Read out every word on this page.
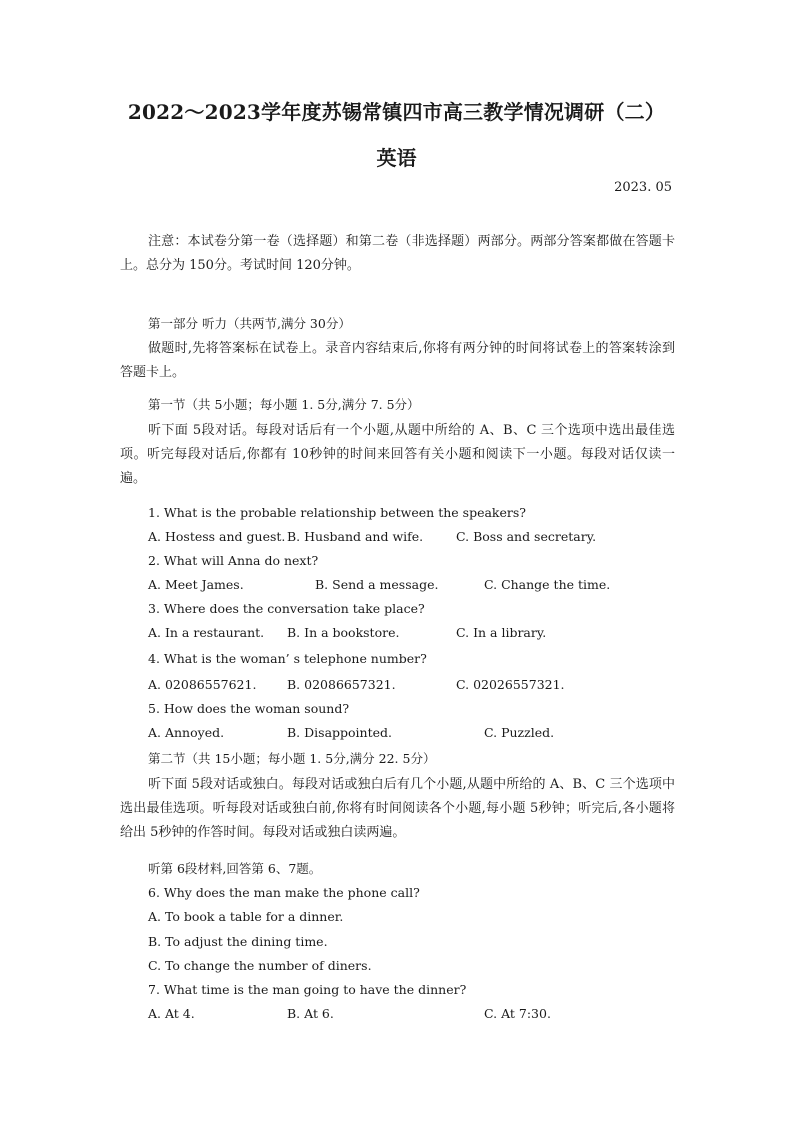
2022～2023学年度苏锡常镇四市高三教学情况调研（二）
英语
2023. 05
注意：本试卷分第一卷（选择题）和第二卷（非选择题）两部分。两部分答案都做在答题卡上。总分为 150分。考试时间 120分钟。
第一部分 听力（共两节,满分 30分）
做题时,先将答案标在试卷上。录音内容结束后,你将有两分钟的时间将试卷上的答案转涂到答题卡上。
第一节（共 5小题；每小题 1. 5分,满分 7. 5分）
听下面 5段对话。每段对话后有一个小题,从题中所给的 A、B、C 三个选项中选出最佳选项。听完每段对话后,你都有 10秒钟的时间来回答有关小题和阅读下一小题。每段对话仅读一遍。
1. What is the probable relationship between the speakers?
A. Hostess and guest. B. Husband and wife.	C. Boss and secretary.
2. What will Anna do next?
A. Meet James.	B. Send a message.	C. Change the time.
3. Where does the conversation take place?
A. In a restaurant. B. In a bookstore.	C. In a library.
4. What is the woman’ s telephone number?
A. 02086557621. B. 02086657321.	C. 02026557321.
5. How does the woman sound?
A. Annoyed.	B. Disappointed.	C. Puzzled.
第二节（共 15小题；每小题 1. 5分,满分 22. 5分）
听下面 5段对话或独白。每段对话或独白后有几个小题,从题中所给的 A、B、C 三个选项中选出最佳选项。听每段对话或独白前,你将有时间阅读各个小题,每小题 5秒钟；听完后,各小题将给出 5秒钟的作答时间。每段对话或独白读两遍。
听第 6段材料,回答第 6、7题。
6. Why does the man make the phone call?
A. To book a table for a dinner.
B. To adjust the dining time.
C. To change the number of diners.
7. What time is the man going to have the dinner?
A. At 4.	B. At 6.	C. At 7:30.
